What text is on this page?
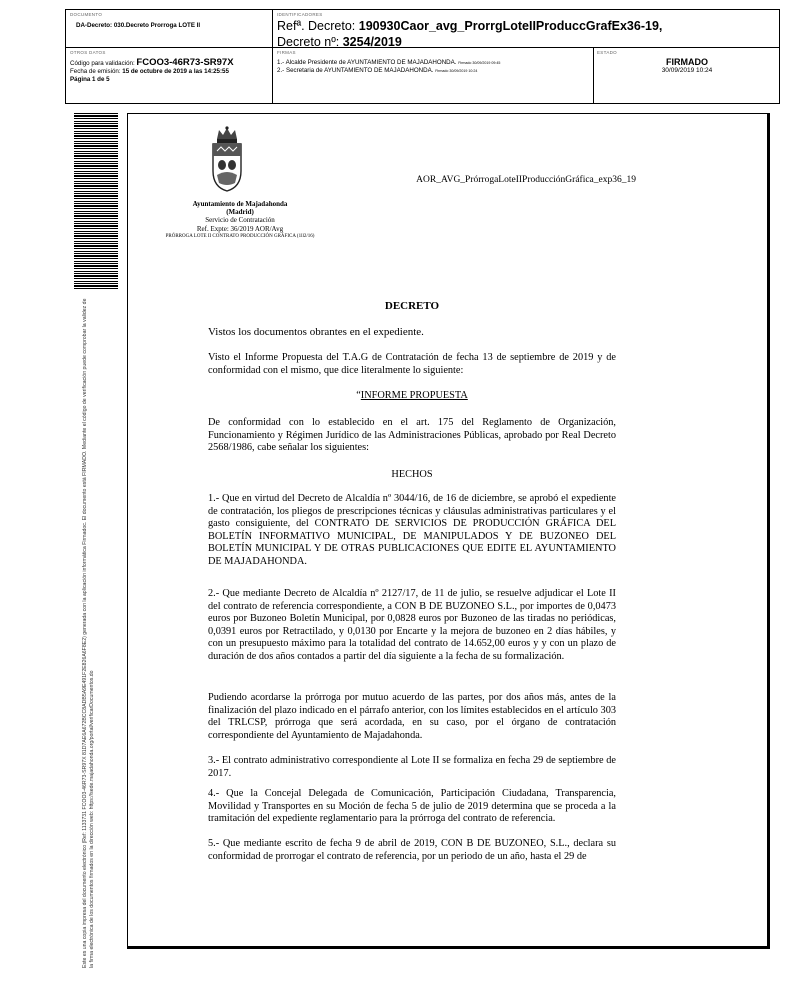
DOCUMENTO
DA-Decreto: 030.Decreto Prorroga LOTE II
IDENTIFICADORES
Refª. Decreto: 190930Caor_avg_ProrrgLoteIIProduccGrafEx36-19,
Decreto nº: 3254/2019
OTROS DATOS
Código para validación: FCOO3-46R73-SR97X
Fecha de emisión: 15 de octubre de 2019 a las 14:25:55
Página 1 de 5
FIRMAS
1.- Alcalde Presidente de AYUNTAMIENTO DE MAJADAHONDA. Firmado 30/09/2019 09:45
2.- Secretaria de AYUNTAMIENTO DE MAJADAHONDA. Firmado 30/09/2019 10:24
ESTADO
FIRMADO
30/09/2019 10:24
Este es una copia impresa del documento electrónico (Ref: 1133731 FCOO3-46R73-SR97X 81D7AE6A672BCC8ADB5A9E491F2E826A6F8E2) generada con la aplicación informática Firmadoc. El documento está FIRMADO. Mediante el código de verificación puede comprobar la validez de la firma electrónica de los documentos firmados en la dirección web: https://sede.majadahonda.org/portal/verificarDocumentos.do
Ayuntamiento de Majadahonda
(Madrid)
Servicio de Contratación
Ref. Expte: 36/2019 AOR/Avg
PRÓRROGA LOTE II CONTRATO PRODUCCIÓN GRÁFICA (1ll2/16)
AOR_AVG_PrórrogaLoteIIProducciónGráfica_exp36_19
DECRETO

Vistos los documentos obrantes en el expediente.

Visto el Informe Propuesta del T.A.G de Contratación de fecha 13 de septiembre de 2019 y de conformidad con el mismo, que dice literalmente lo siguiente:

“INFORME PROPUESTA

De conformidad con lo establecido en el art. 175 del Reglamento de Organización, Funcionamiento y Régimen Jurídico de las Administraciones Públicas, aprobado por Real Decreto 2568/1986, cabe señalar los siguientes:

HECHOS

1.- Que en virtud del Decreto de Alcaldía nº 3044/16, de 16 de diciembre, se aprobó el expediente de contratación, los pliegos de prescripciones técnicas y cláusulas administrativas particulares y el gasto consiguiente, del CONTRATO DE SERVICIOS DE PRODUCCIÓN GRÁFICA DEL BOLETÍN INFORMATIVO MUNICIPAL, DE MANIPULADOS Y DE BUZONEO DEL BOLETÍN MUNICIPAL Y DE OTRAS PUBLICACIONES QUE EDITE EL AYUNTAMIENTO DE MAJADAHONDA.

2.- Que mediante Decreto de Alcaldía nº 2127/17, de 11 de julio, se resuelve adjudicar el Lote II del contrato de referencia correspondiente, a CON B DE BUZONEO S.L., por importes de 0,0473 euros por Buzoneo Boletín Municipal, por 0,0828 euros por Buzoneo de las tiradas no periódicas, 0,0391 euros por Retractilado, y 0,0130 por Encarte y la mejora de buzoneo en 2 días hábiles, y con un presupuesto máximo para la totalidad del contrato de 14.652,00 euros y y con un plazo de duración de dos años contados a partir del día siguiente a la fecha de su formalización.

Pudiendo acordarse la prórroga por mutuo acuerdo de las partes, por dos años más, antes de la finalización del plazo indicado en el párrafo anterior, con los límites establecidos en el artículo 303 del TRLCSP, prórroga que será acordada, en su caso, por el órgano de contratación correspondiente del Ayuntamiento de Majadahonda.

3.- El contrato administrativo correspondiente al Lote II se formaliza en fecha 29 de septiembre de 2017.

4.- Que la Concejal Delegada de Comunicación, Participación Ciudadana, Transparencia, Movilidad y Transportes en su Moción de fecha 5 de julio de 2019 determina que se proceda a la tramitación del expediente reglamentario para la prórroga del contrato de referencia.

5.- Que mediante escrito de fecha 9 de abril de 2019, CON B DE BUZONEO, S.L., declara su conformidad de prorrogar el contrato de referencia, por un periodo de un año, hasta el 29 de
